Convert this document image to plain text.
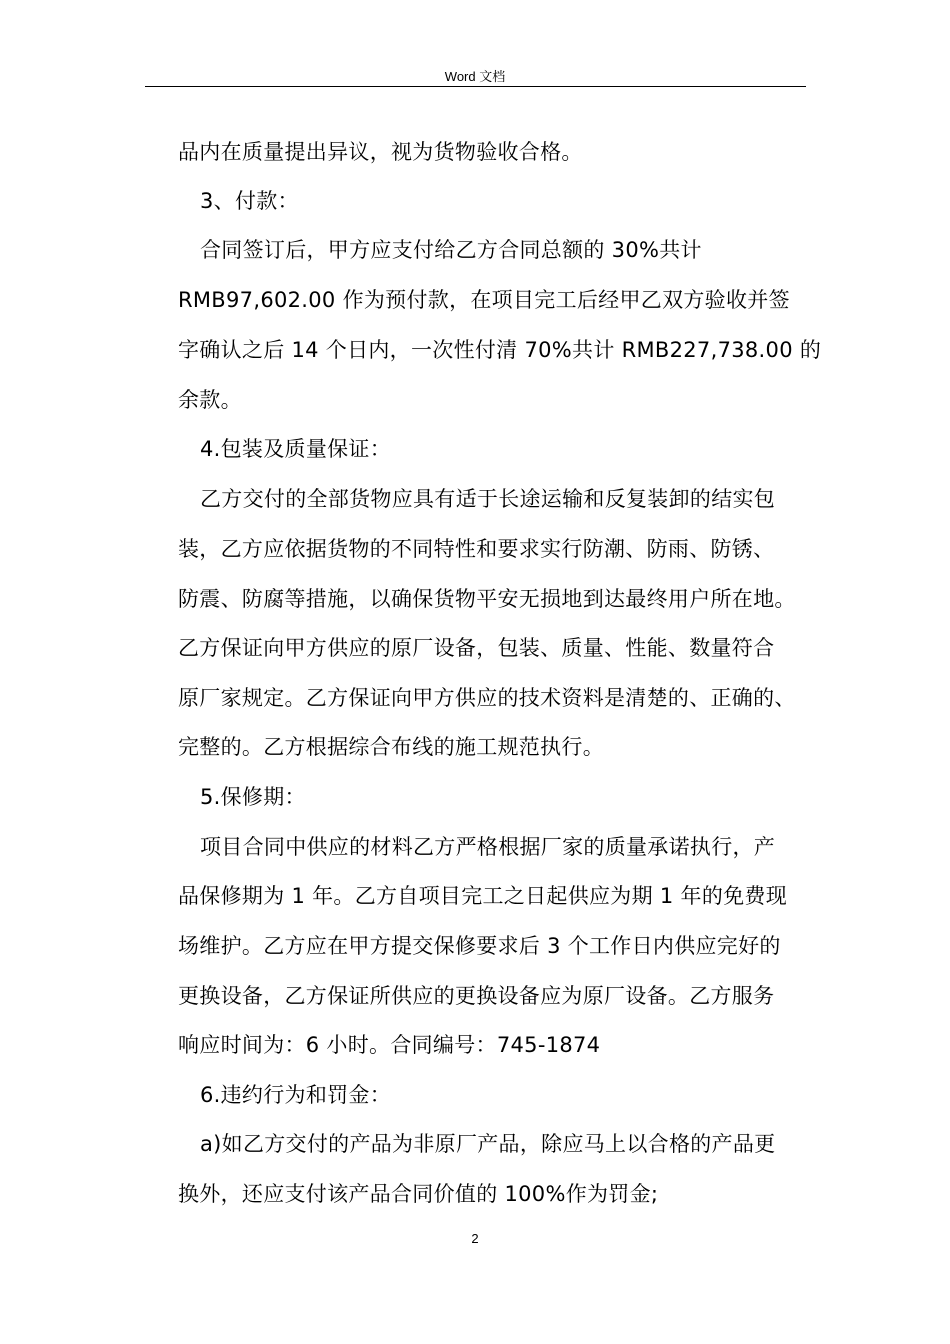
Word 文档
品内在质量提出异议，视为货物验收合格。
3、付款：
合同签订后，甲方应支付给乙方合同总额的 30%共计
RMB97,602.00 作为预付款，在项目完工后经甲乙双方验收并签
字确认之后 14 个日内，一次性付清 70%共计 RMB227,738.00 的
余款。
4.包装及质量保证：
乙方交付的全部货物应具有适于长途运输和反复装卸的结实包
装，乙方应依据货物的不同特性和要求实行防潮、防雨、防锈、
防震、防腐等措施，以确保货物平安无损地到达最终用户所在地。
乙方保证向甲方供应的原厂设备，包装、质量、性能、数量符合
原厂家规定。乙方保证向甲方供应的技术资料是清楚的、正确的、
完整的。乙方根据综合布线的施工规范执行。
5.保修期：
项目合同中供应的材料乙方严格根据厂家的质量承诺执行，产
品保修期为 1 年。乙方自项目完工之日起供应为期 1 年的免费现
场维护。乙方应在甲方提交保修要求后 3 个工作日内供应完好的
更换设备，乙方保证所供应的更换设备应为原厂设备。乙方服务
响应时间为：6 小时。合同编号：745-1874
6.违约行为和罚金：
a)如乙方交付的产品为非原厂产品，除应马上以合格的产品更
换外，还应支付该产品合同价值的 100%作为罚金;
2
